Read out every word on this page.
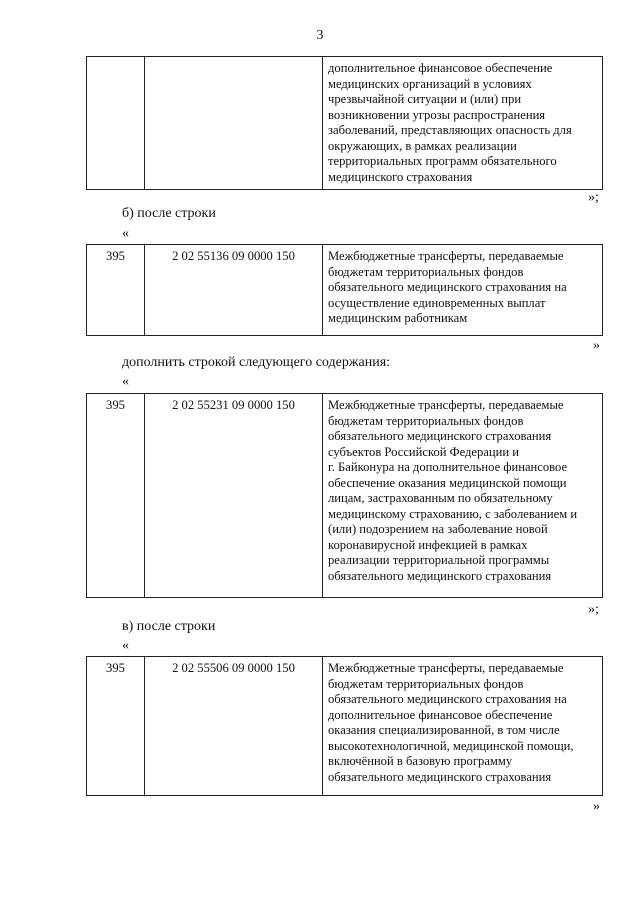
3
		дополнительное финансовое обеспечение
медицинских организаций в условиях
чрезвычайной ситуации и (или) при
возникновении угрозы распространения
заболеваний, представляющих опасность для
окружающих, в рамках реализации
территориальных программ обязательного
медицинского страхования
»;
б) после строки
«
395	2 02 55136 09 0000 150	Межбюджетные трансферты, передаваемые
бюджетам территориальных фондов
обязательного медицинского страхования на
осуществление единовременных выплат
медицинским работникам
»
дополнить строкой следующего содержания:
«
395	2 02 55231 09 0000 150	Межбюджетные трансферты, передаваемые
бюджетам территориальных фондов
обязательного медицинского страхования
субъектов Российской Федерации и
г. Байконура на дополнительное финансовое
обеспечение оказания медицинской помощи
лицам, застрахованным по обязательному
медицинскому страхованию, с заболеванием и
(или) подозрением на заболевание новой
коронавирусной инфекцией в рамках
реализации территориальной программы
обязательного медицинского страхования
»;
в) после строки
«
395	2 02 55506 09 0000 150	Межбюджетные трансферты, передаваемые
бюджетам территориальных фондов
обязательного медицинского страхования на
дополнительное финансовое обеспечение
оказания специализированной, в том числе
высокотехнологичной, медицинской помощи,
включённой в базовую программу
обязательного медицинского страхования
»
